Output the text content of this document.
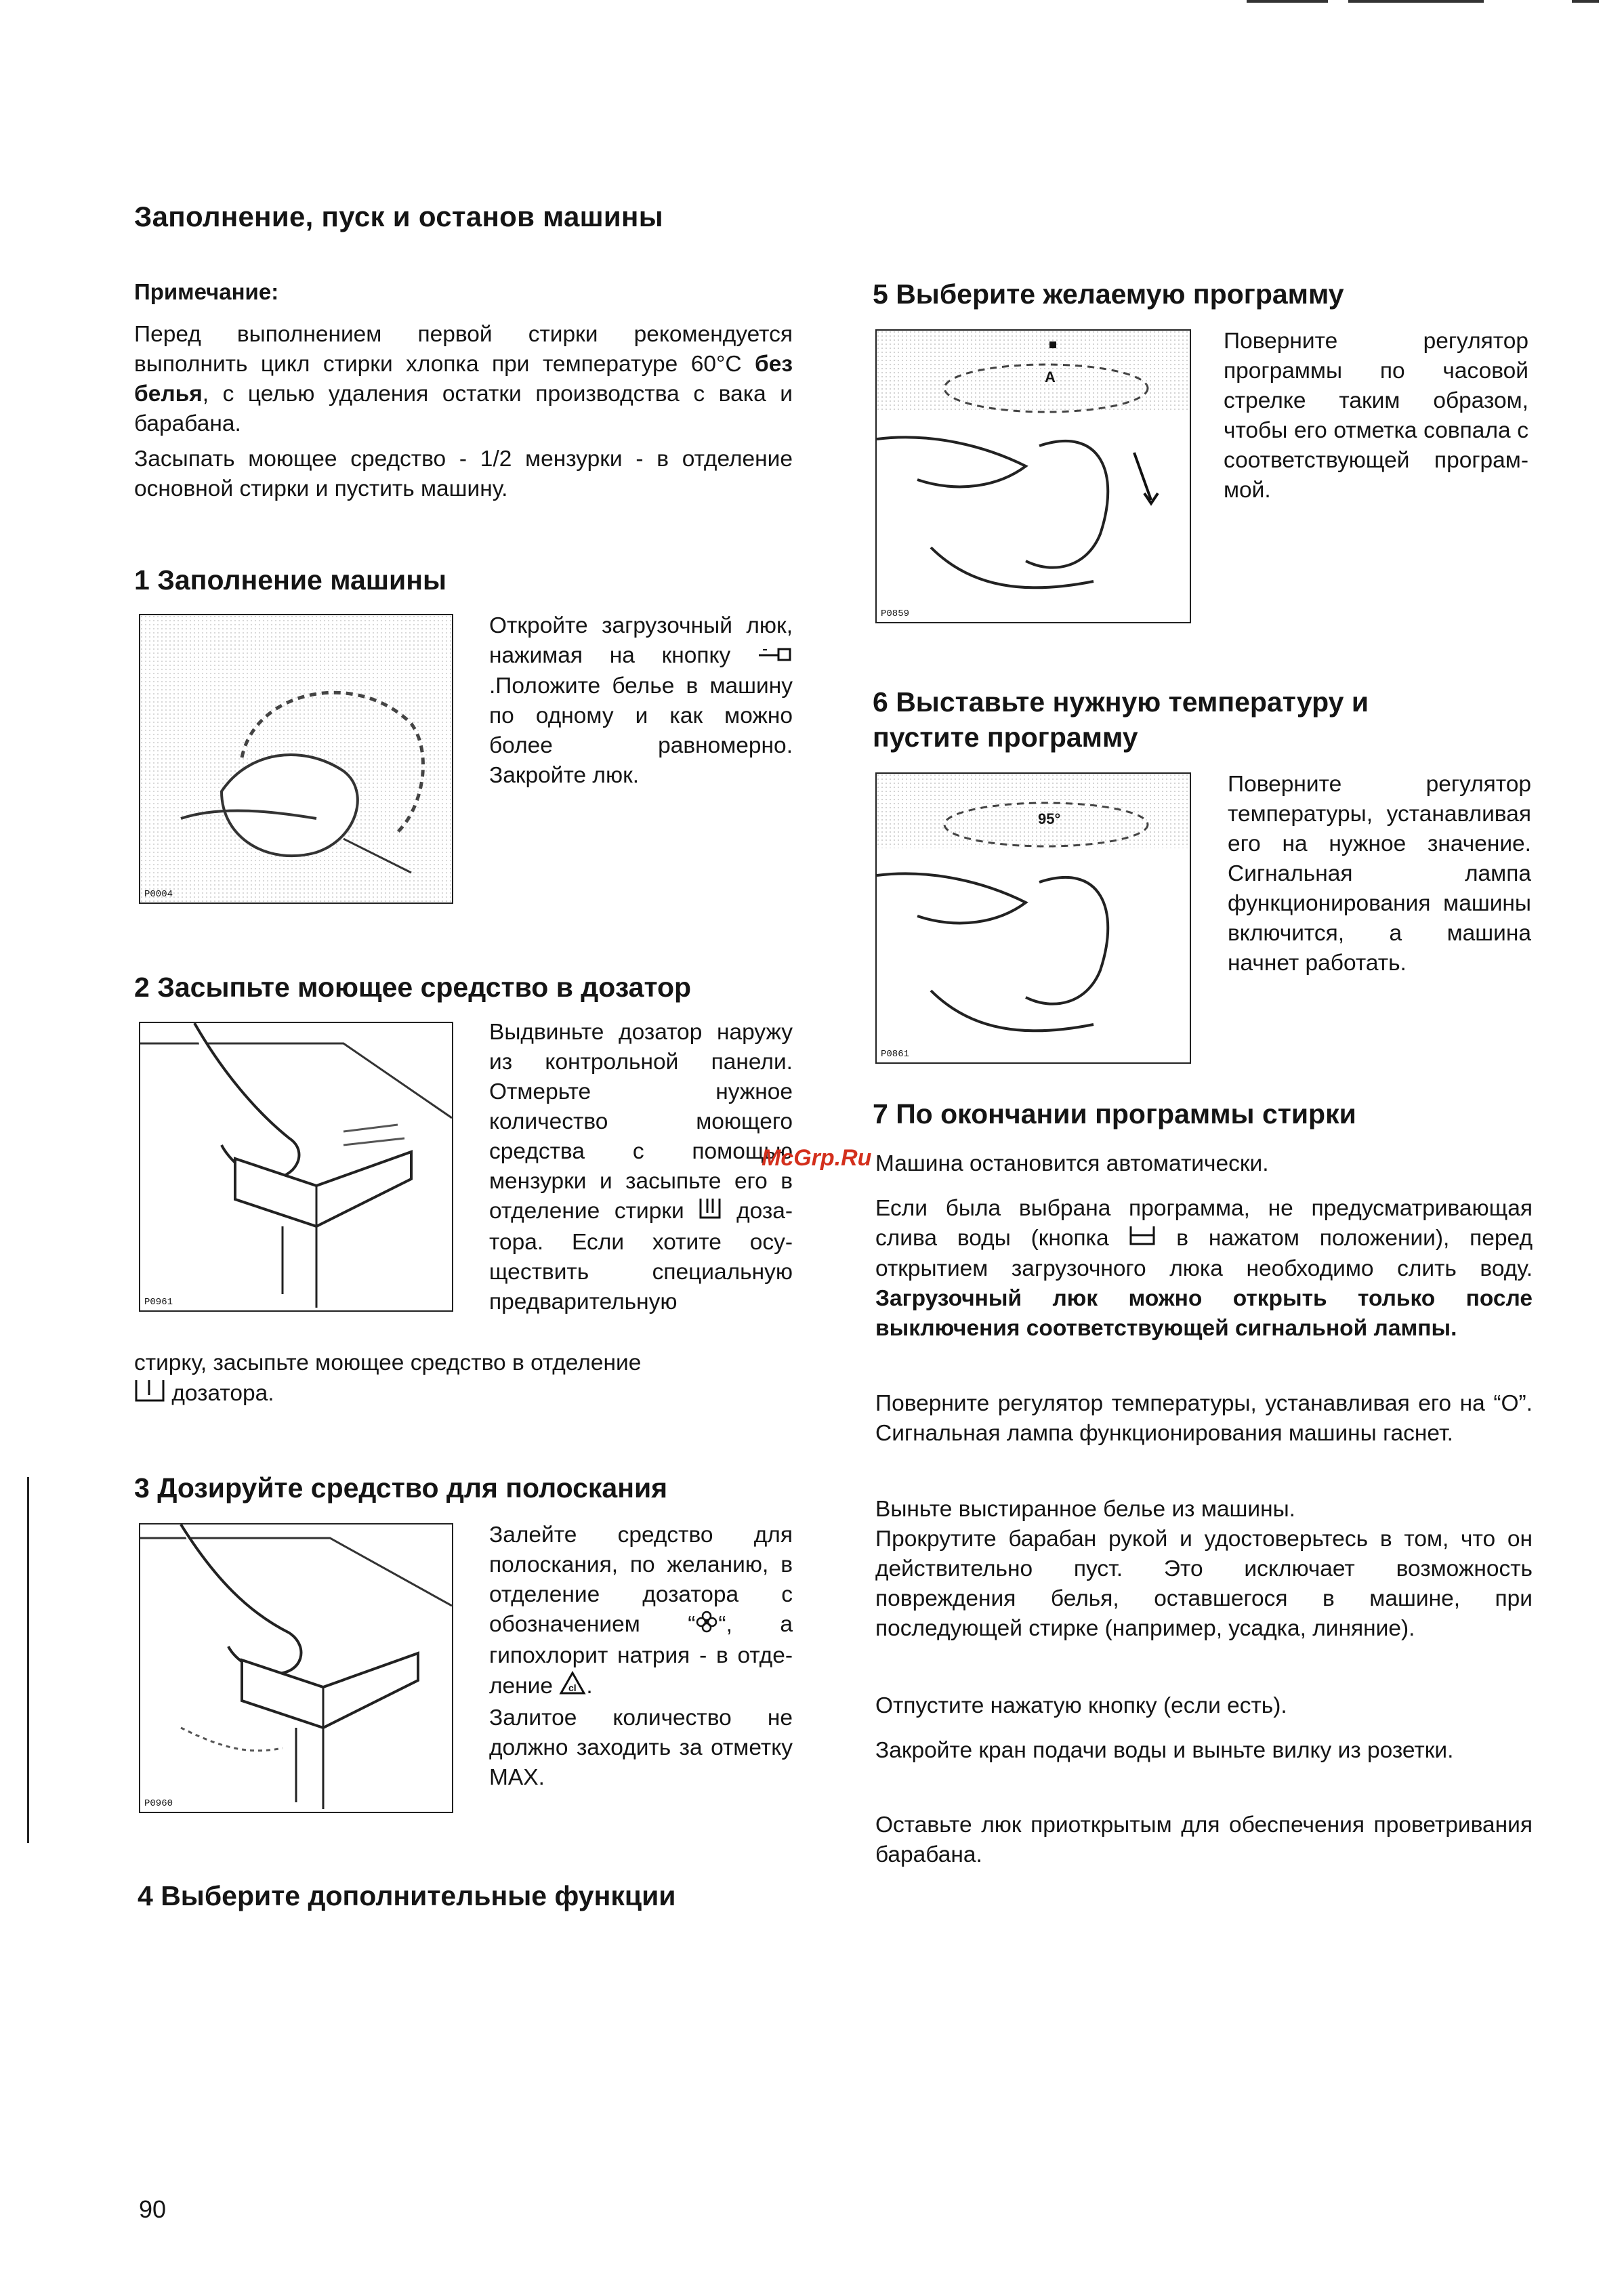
Заполнение, пуск и останов машины
Примечание:
Перед выполнением первой стирки рекомендуется выполнить цикл стирки хлопка при температуре 60°С без белья, с целью удаления остатки производства с вака и барабана.
Засыпать моющее средство - 1/2 мензурки - в отделение основной стирки и пустить машину.
1 Заполнение машины
P0004
Откройте загрузочный люк, нажимая на кнопку .Положите белье в машину по одному и как можно более равномерно. Закройте люк.
2 Засыпьте моющее средство в дозатор
P0961
Выдвиньте дозатор наружу из контрольной панели. Отмерьте нужное количество моющего средства с помощью мензурки и засыпьте его в отделение стирки дозатора. Если хотите осуществить специальную предварительную
стирку, засыпьте моющее средство в отделение
дозатора.
3 Дозируйте средство для полоскания
P0960
Залейте средство для полоскания, по желанию, в отделение дозатора с обозначением “ “, а гипохлорит натрия - в отделение cl .
Залитое количество не должно заходить за отметку MAX.
4 Выберите дополнительные функции
5 Выберите желаемую программу
A
P0859
Поверните регулятор программы по часовой стрелке таким образом, чтобы его отметка совпала с соответствующей программой.
6 Выставьте нужную температуру и
пустите программу
95°
P0861
Поверните регулятор температуры, устанавливая его на нужное значение. Сигнальная лампа функционирования машины включится, а машина начнет работать.
7 По окончании программы стирки
Машина остановится автоматически.
McGrp.Ru
Если была выбрана программа, не предусматривающая слива воды (кнопка	в нажатом положении), перед открытием загрузочного люка необходимо слить воду. Загрузочный люк можно открыть только после выключения соответствующей сигнальной лампы.
Поверните регулятор температуры, устанавливая его на “О”. Сигнальная лампа функционирования машины гаснет.
Выньте выстиранное белье из машины.
Прокрутите барабан рукой и удостоверьтесь в том, что он действительно пуст. Это исключает возможность повреждения белья, оставшегося в машине, при последующей стирке (например, усадка, линяние).
Отпустите нажатую кнопку (если есть).
Закройте кран подачи воды и выньте вилку из розетки.
Оставьте люк приоткрытым для обеспечения проветривания барабана.
90
